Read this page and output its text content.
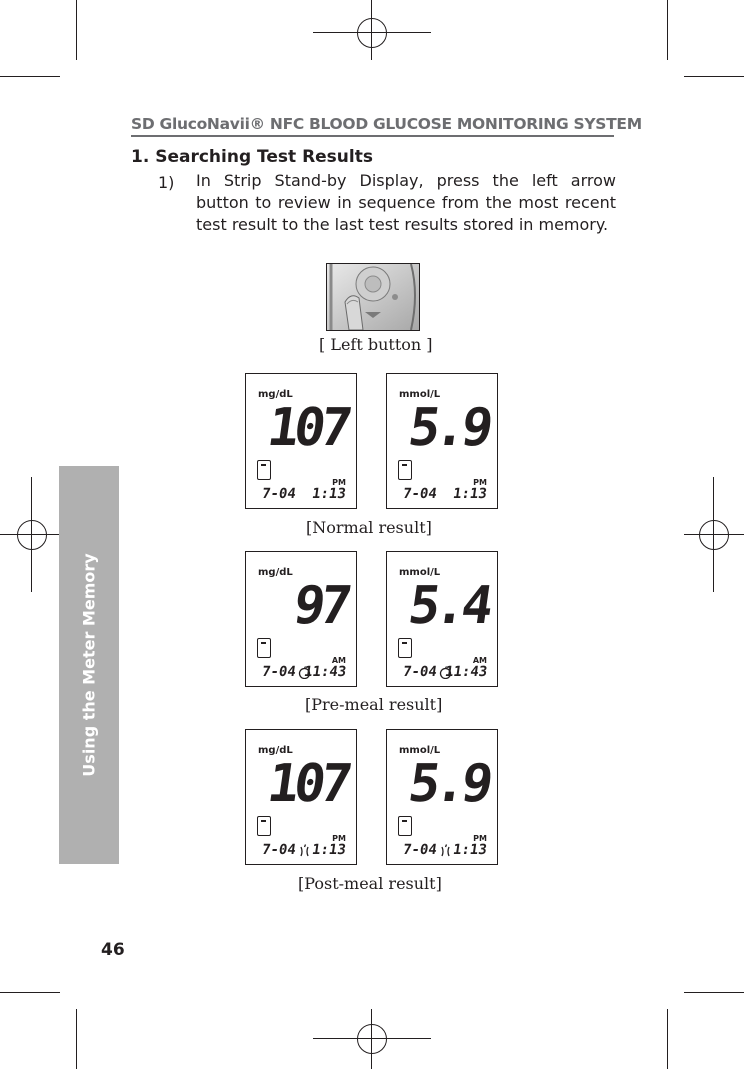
SD GlucoNavii® NFC BLOOD GLUCOSE MONITORING SYSTEM
1. Searching Test Results
1) In Strip Stand-by Display, press the left arrow button to review in sequence from the most recent test result to the last test results stored in memory.
Using the Meter Memory
[ Left button ]
mg/dL
107
PM
7-04 1:13
mmol/L
5.9
PM
7-04 1:13
[Normal result]
mg/dL
97
AM
7-04 11:43
mmol/L
5.4
AM
7-04 11:43
[Pre-meal result]
mg/dL
107
PM
7-04 1:13
mmol/L
5.9
PM
7-04 1:13
[Post-meal result]
46
